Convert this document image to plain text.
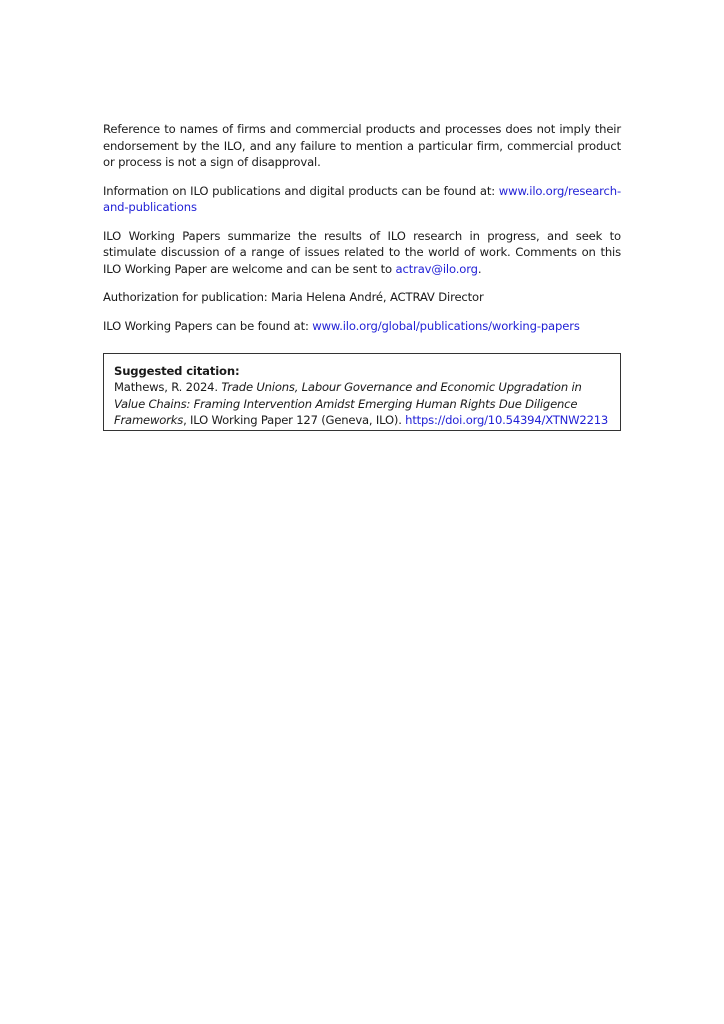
Reference to names of firms and commercial products and processes does not imply their endorsement by the ILO, and any failure to mention a particular firm, commercial product or process is not a sign of disapproval.

Information on ILO publications and digital products can be found at: www.ilo.org/research-and-publications

ILO Working Papers summarize the results of ILO research in progress, and seek to stimulate discussion of a range of issues related to the world of work. Comments on this ILO Working Paper are welcome and can be sent to actrav@ilo.org.

Authorization for publication: Maria Helena André, ACTRAV Director

ILO Working Papers can be found at: www.ilo.org/global/publications/working-papers

Suggested citation:

Mathews, R. 2024. Trade Unions, Labour Governance and Economic Upgradation in Value Chains: Framing Intervention Amidst Emerging Human Rights Due Diligence Frameworks, ILO Working Paper 127 (Geneva, ILO). https://doi.org/10.54394/XTNW2213
